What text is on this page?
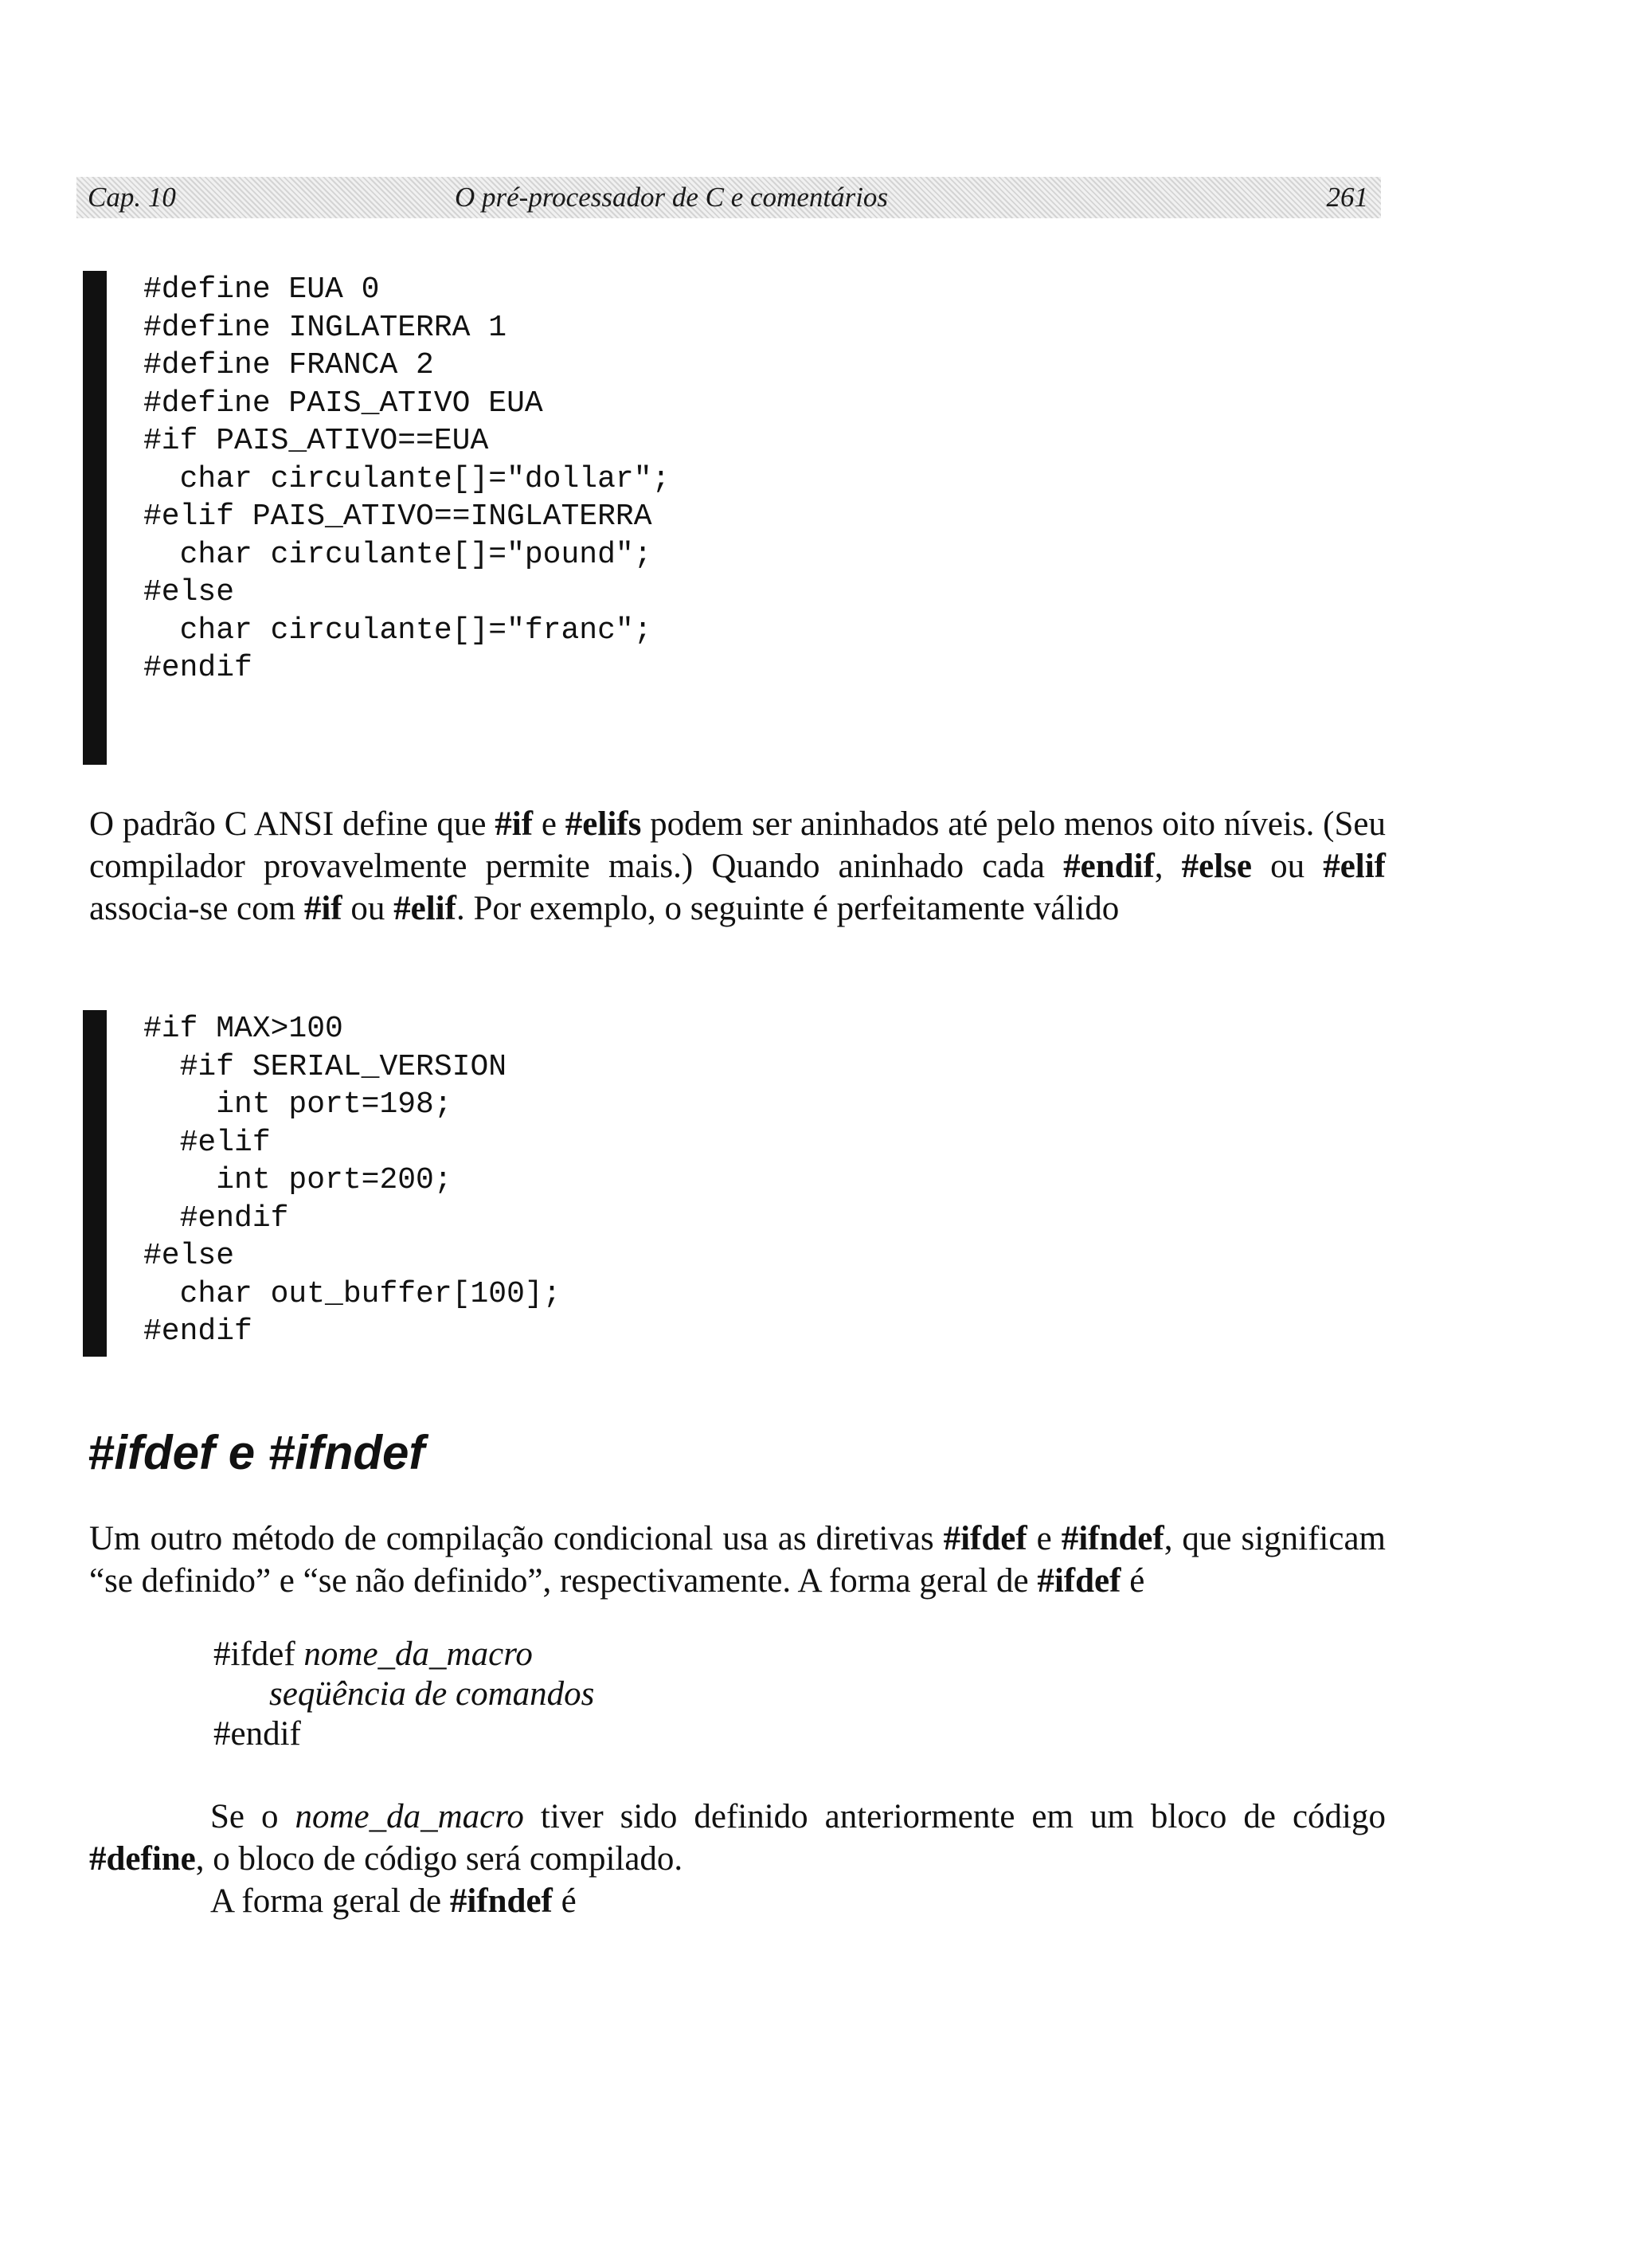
Cap. 10	O pré-processador de C e comentários	261
#define EUA 0
#define INGLATERRA 1
#define FRANCA 2
#define PAIS_ATIVO EUA
#if PAIS_ATIVO==EUA
char circulante[]="dollar";
#elif PAIS_ATIVO==INGLATERRA
char circulante[]="pound";
#else
char circulante[]="franc";
#endif

O padrão C ANSI define que #if e #elifs podem ser aninhados até pelo menos oito níveis. (Seu compilador provavelmente permite mais.) Quando aninhado cada #endif, #else ou #elif associa-se com #if ou #elif. Por exemplo, o seguinte é perfeitamente válido

#if MAX>100
#if SERIAL_VERSION
int port=198;
#elif
int port=200;
#endif
#else
char out_buffer[100];
#endif
#ifdef e #ifndef

Um outro método de compilação condicional usa as diretivas #ifdef e #ifndef, que significam “se definido” e “se não definido”, respectivamente. A forma geral de #ifdef é

#ifdef nome_da_macro
seqüência de comandos
#endif

Se o nome_da_macro tiver sido definido anteriormente em um bloco de código #define, o bloco de código será compilado.

A forma geral de #ifndef é
